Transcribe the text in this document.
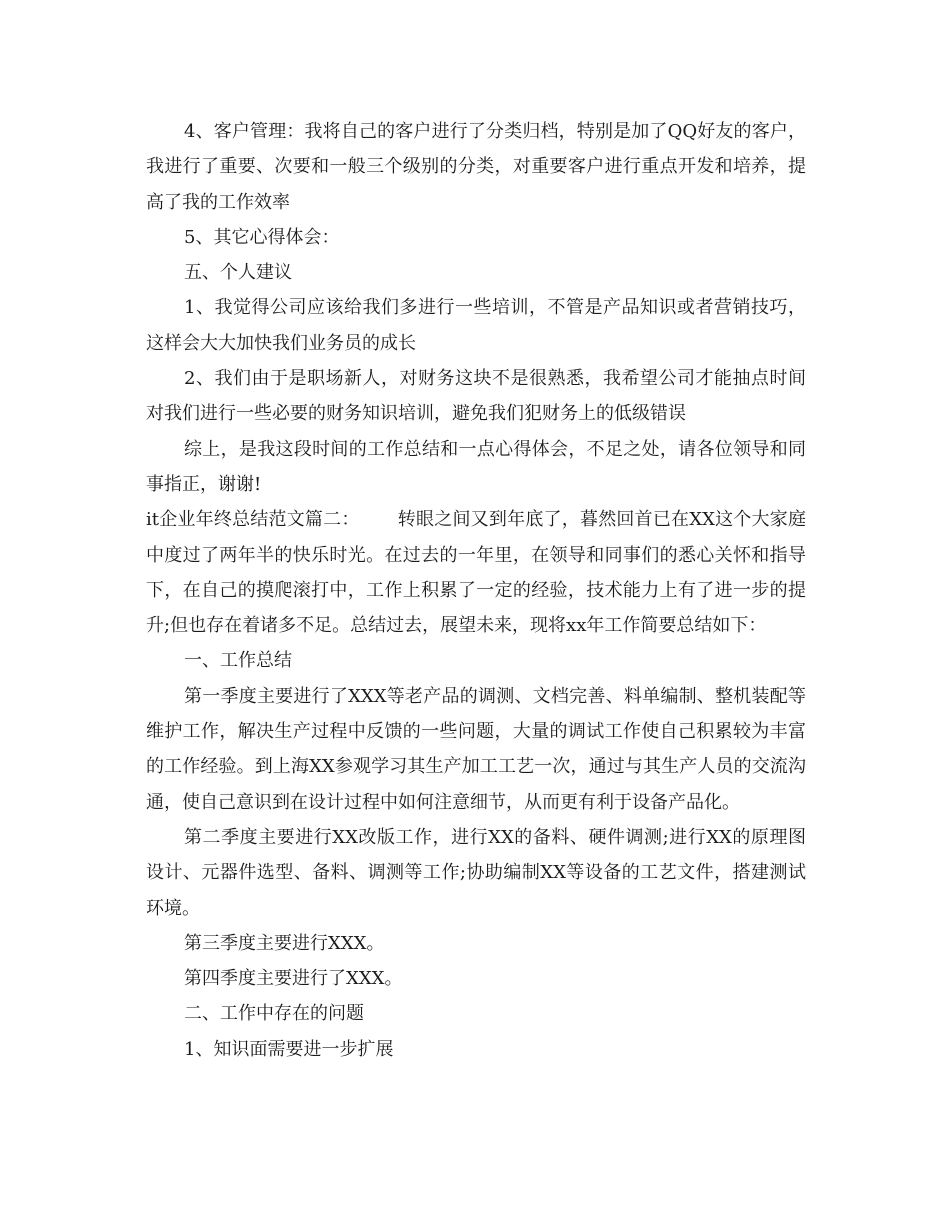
4、客户管理：我将自己的客户进行了分类归档，特别是加了QQ好友的客户，我进行了重要、次要和一般三个级别的分类，对重要客户进行重点开发和培养，提高了我的工作效率

5、其它心得体会：

五、个人建议

1、我觉得公司应该给我们多进行一些培训，不管是产品知识或者营销技巧，这样会大大加快我们业务员的成长

2、我们由于是职场新人，对财务这块不是很熟悉，我希望公司才能抽点时间对我们进行一些必要的财务知识培训，避免我们犯财务上的低级错误

综上，是我这段时间的工作总结和一点心得体会，不足之处，请各位领导和同事指正，谢谢!

it企业年终总结范文篇二： 转眼之间又到年底了，暮然回首已在XX这个大家庭中度过了两年半的快乐时光。在过去的一年里，在领导和同事们的悉心关怀和指导下，在自己的摸爬滚打中，工作上积累了一定的经验，技术能力上有了进一步的提升;但也存在着诸多不足。总结过去，展望未来，现将xx年工作简要总结如下：

一、工作总结

第一季度主要进行了XXX等老产品的调测、文档完善、料单编制、整机装配等维护工作，解决生产过程中反馈的一些问题，大量的调试工作使自己积累较为丰富的工作经验。到上海XX参观学习其生产加工工艺一次，通过与其生产人员的交流沟通，使自己意识到在设计过程中如何注意细节，从而更有利于设备产品化。

第二季度主要进行XX改版工作，进行XX的备料、硬件调测;进行XX的原理图设计、元器件选型、备料、调测等工作;协助编制XX等设备的工艺文件，搭建测试环境。

第三季度主要进行XXX。

第四季度主要进行了XXX。

二、工作中存在的问题

1、知识面需要进一步扩展
